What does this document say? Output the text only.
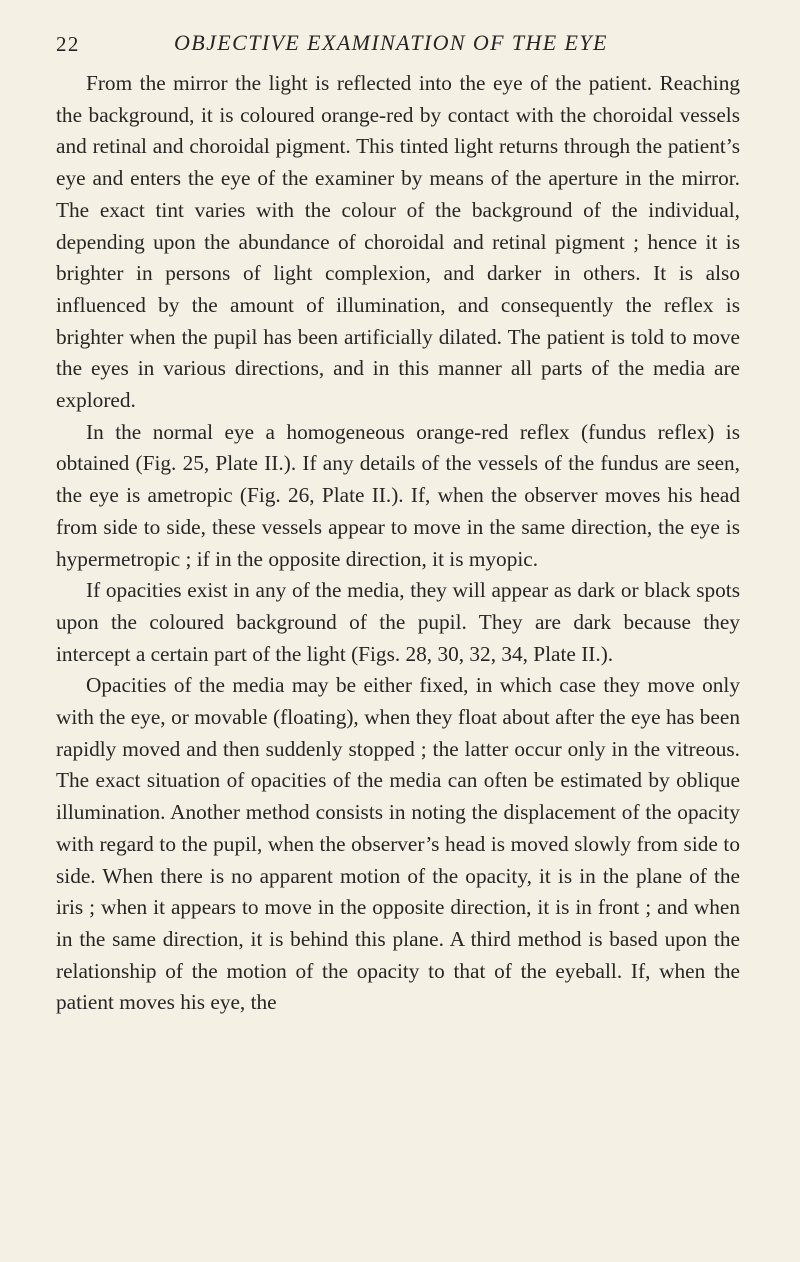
22	OBJECTIVE EXAMINATION OF THE EYE

From the mirror the light is reflected into the eye of the patient. Reaching the background, it is coloured orange-red by contact with the choroidal vessels and retinal and choroidal pigment. This tinted light returns through the patient’s eye and enters the eye of the examiner by means of the aperture in the mirror. The exact tint varies with the colour of the background of the individual, depending upon the abundance of choroidal and retinal pigment ; hence it is brighter in persons of light complexion, and darker in others. It is also influenced by the amount of illumination, and consequently the reflex is brighter when the pupil has been artificially dilated. The patient is told to move the eyes in various directions, and in this manner all parts of the media are explored.

In the normal eye a homogeneous orange-red reflex (fundus reflex) is obtained (Fig. 25, Plate II.). If any details of the vessels of the fundus are seen, the eye is ametropic (Fig. 26, Plate II.). If, when the observer moves his head from side to side, these vessels appear to move in the same direction, the eye is hypermetropic ; if in the opposite direction, it is myopic.

If opacities exist in any of the media, they will appear as dark or black spots upon the coloured background of the pupil. They are dark because they intercept a certain part of the light (Figs. 28, 30, 32, 34, Plate II.).

Opacities of the media may be either fixed, in which case they move only with the eye, or movable (floating), when they float about after the eye has been rapidly moved and then suddenly stopped ; the latter occur only in the vitreous. The exact situation of opacities of the media can often be estimated by oblique illumination. Another method consists in noting the displacement of the opacity with regard to the pupil, when the observer’s head is moved slowly from side to side. When there is no apparent motion of the opacity, it is in the plane of the iris ; when it appears to move in the opposite direction, it is in front ; and when in the same direction, it is behind this plane. A third method is based upon the relationship of the motion of the opacity to that of the eyeball. If, when the patient moves his eye, the
